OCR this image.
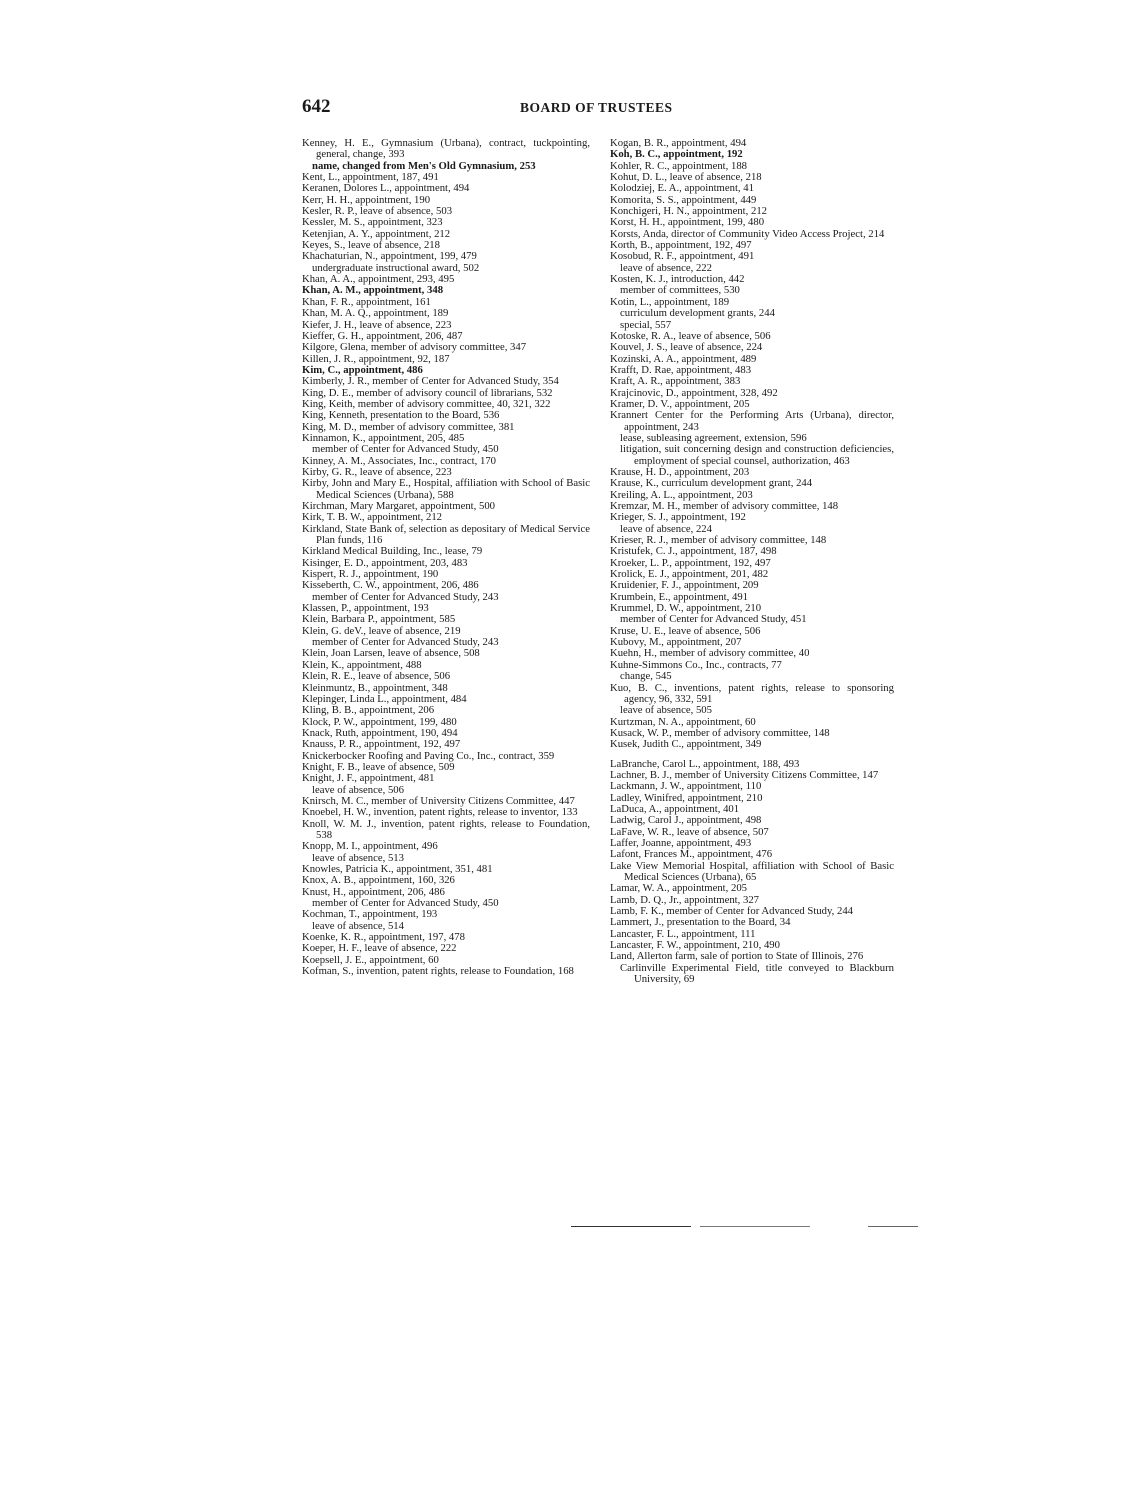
642	BOARD OF TRUSTEES

Kenney, H. E., Gymnasium (Urbana), contract, tuckpointing, general, change, 393

name, changed from Men's Old Gymnasium, 253

Kent, L., appointment, 187, 491

Keranen, Dolores L., appointment, 494

Kerr, H. H., appointment, 190

Kesler, R. P., leave of absence, 503

Kessler, M. S., appointment, 323

Ketenjian, A. Y., appointment, 212

Keyes, S., leave of absence, 218

Khachaturian, N., appointment, 199, 479

undergraduate instructional award, 502

Khan, A. A., appointment, 293, 495

Khan, A. M., appointment, 348

Khan, F. R., appointment, 161

Khan, M. A. Q., appointment, 189

Kiefer, J. H., leave of absence, 223

Kieffer, G. H., appointment, 206, 487

Kilgore, Glena, member of advisory committee, 347

Killen, J. R., appointment, 92, 187

Kim, C., appointment, 486

Kimberly, J. R., member of Center for Advanced Study, 354

King, D. E., member of advisory council of librarians, 532

King, Keith, member of advisory committee, 40, 321, 322

King, Kenneth, presentation to the Board, 536

King, M. D., member of advisory committee, 381

Kinnamon, K., appointment, 205, 485

member of Center for Advanced Study, 450

Kinney, A. M., Associates, Inc., contract, 170

Kirby, G. R., leave of absence, 223

Kirby, John and Mary E., Hospital, affiliation with School of Basic Medical Sciences (Urbana), 588

Kirchman, Mary Margaret, appointment, 500

Kirk, T. B. W., appointment, 212

Kirkland, State Bank of, selection as depositary of Medical Service Plan funds, 116

Kirkland Medical Building, Inc., lease, 79

Kisinger, E. D., appointment, 203, 483

Kispert, R. J., appointment, 190

Kisseberth, C. W., appointment, 206, 486

member of Center for Advanced Study, 243

Klassen, P., appointment, 193

Klein, Barbara P., appointment, 585

Klein, G. deV., leave of absence, 219

member of Center for Advanced Study, 243

Klein, Joan Larsen, leave of absence, 508

Klein, K., appointment, 488

Klein, R. E., leave of absence, 506

Kleinmuntz, B., appointment, 348

Klepinger, Linda L., appointment, 484

Kling, B. B., appointment, 206

Klock, P. W., appointment, 199, 480

Knack, Ruth, appointment, 190, 494

Knauss, P. R., appointment, 192, 497

Knickerbocker Roofing and Paving Co., Inc., contract, 359

Knight, F. B., leave of absence, 509

Knight, J. F., appointment, 481

leave of absence, 506

Knirsch, M. C., member of University Citizens Committee, 447

Knoebel, H. W., invention, patent rights, release to inventor, 133

Knoll, W. M. J., invention, patent rights, release to Foundation, 538

Knopp, M. I., appointment, 496

leave of absence, 513

Knowles, Patricia K., appointment, 351, 481

Knox, A. B., appointment, 160, 326

Knust, H., appointment, 206, 486

member of Center for Advanced Study, 450

Kochman, T., appointment, 193

leave of absence, 514

Koenke, K. R., appointment, 197, 478

Koeper, H. F., leave of absence, 222

Koepsell, J. E., appointment, 60

Kofman, S., invention, patent rights, release to Foundation, 168

Kogan, B. R., appointment, 494

Koh, B. C., appointment, 192

Kohler, R. C., appointment, 188

Kohut, D. L., leave of absence, 218

Kolodziej, E. A., appointment, 41

Komorita, S. S., appointment, 449

Konchigeri, H. N., appointment, 212

Korst, H. H., appointment, 199, 480

Korsts, Anda, director of Community Video Access Project, 214

Korth, B., appointment, 192, 497

Kosobud, R. F., appointment, 491

leave of absence, 222

Kosten, K. J., introduction, 442

member of committees, 530

Kotin, L., appointment, 189

curriculum development grants, 244

special, 557

Kotoske, R. A., leave of absence, 506

Kouvel, J. S., leave of absence, 224

Kozinski, A. A., appointment, 489

Krafft, D. Rae, appointment, 483

Kraft, A. R., appointment, 383

Krajcinovic, D., appointment, 328, 492

Kramer, D. V., appointment, 205

Krannert Center for the Performing Arts (Urbana), director, appointment, 243

lease, subleasing agreement, extension, 596

litigation, suit concerning design and construction deficiencies, employment of special counsel, authorization, 463

Krause, H. D., appointment, 203

Krause, K., curriculum development grant, 244

Kreiling, A. L., appointment, 203

Kremzar, M. H., member of advisory committee, 148

Krieger, S. J., appointment, 192

leave of absence, 224

Krieser, R. J., member of advisory committee, 148

Kristufek, C. J., appointment, 187, 498

Kroeker, L. P., appointment, 192, 497

Krolick, E. J., appointment, 201, 482

Kruidenier, F. J., appointment, 209

Krumbein, E., appointment, 491

Krummel, D. W., appointment, 210

member of Center for Advanced Study, 451

Kruse, U. E., leave of absence, 506

Kubovy, M., appointment, 207

Kuehn, H., member of advisory committee, 40

Kuhne-Simmons Co., Inc., contracts, 77

change, 545

Kuo, B. C., inventions, patent rights, release to sponsoring agency, 96, 332, 591

leave of absence, 505

Kurtzman, N. A., appointment, 60

Kusack, W. P., member of advisory committee, 148

Kusek, Judith C., appointment, 349

LaBranche, Carol L., appointment, 188, 493

Lachner, B. J., member of University Citizens Committee, 147

Lackmann, J. W., appointment, 110

Ladley, Winifred, appointment, 210

LaDuca, A., appointment, 401

Ladwig, Carol J., appointment, 498

LaFave, W. R., leave of absence, 507

Laffer, Joanne, appointment, 493

Lafont, Frances M., appointment, 476

Lake View Memorial Hospital, affiliation with School of Basic Medical Sciences (Urbana), 65

Lamar, W. A., appointment, 205

Lamb, D. Q., Jr., appointment, 327

Lamb, F. K., member of Center for Advanced Study, 244

Lammert, J., presentation to the Board, 34

Lancaster, F. L., appointment, 111

Lancaster, F. W., appointment, 210, 490

Land, Allerton farm, sale of portion to State of Illinois, 276

Carlinville Experimental Field, title conveyed to Blackburn University, 69
